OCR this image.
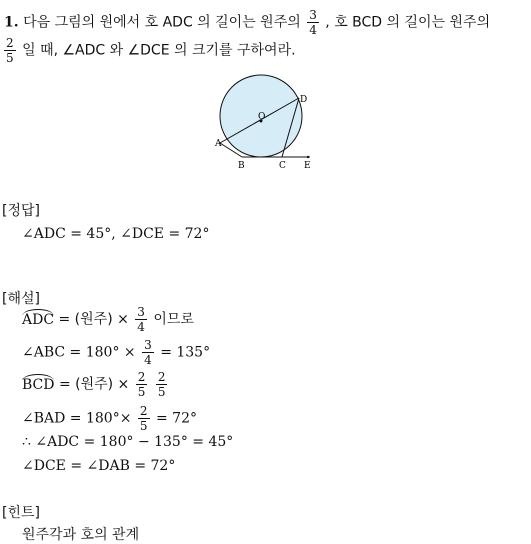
1. 다음 그림의 원에서 호 ADC 의 길이는 원주의 $\frac{3}{4}$ , 호 BCD 의 길이는 원주의
$\frac{2}{5}$ 일 때, ∠ADC 와 ∠DCE 의 크기를 구하여라.
O
D
A
B	C E
[정답]
∠ADC = 45°, ∠DCE = 72°
[해설]
ADC = (원주) × $\frac{3}{4}$ 이므로
∠ABC = $180^\circ \times \frac{3}{4} = 135^\circ$
BCD = (원주) × $\frac{2}{5}$
$\frac{2}{5}$
∠BAD = $180^\circ\times \frac{2}{5} = 72^\circ$
∴ ∠ADC = 180° − 135° = 45°
∠DCE = ∠DAB = 72°
[힌트]
원주각과 호의 관계
